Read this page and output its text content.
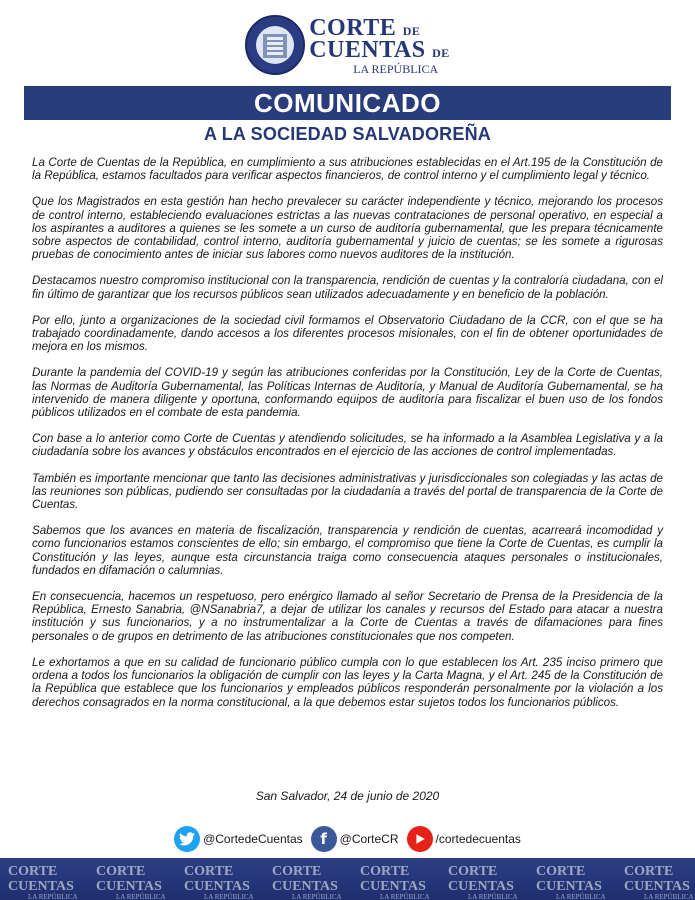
CORTE DE
CUENTAS DE
LA REPÚBLICA
COMUNICADO
A LA SOCIEDAD SALVADOREÑA

La Corte de Cuentas de la República, en cumplimiento a sus atribuciones establecidas en el Art.195 de la Constitución de la República, estamos facultados para verificar aspectos financieros, de control interno y el cumplimiento legal y técnico.

Que los Magistrados en esta gestión han hecho prevalecer su carácter independiente y técnico, mejorando los procesos de control interno, estableciendo evaluaciones estrictas a las nuevas contrataciones de personal operativo, en especial a los aspirantes a auditores a quienes se les somete a un curso de auditoría gubernamental, que les prepara técnicamente sobre aspectos de contabilidad, control interno, auditoría gubernamental y juicio de cuentas; se les somete a rigurosas pruebas de conocimiento antes de iniciar sus labores como nuevos auditores de la institución.

Destacamos nuestro compromiso institucional con la transparencia, rendición de cuentas y la contraloría ciudadana, con el fin último de garantizar que los recursos públicos sean utilizados adecuadamente y en beneficio de la población.

Por ello, junto a organizaciones de la sociedad civil formamos el Observatorio Ciudadano de la CCR, con el que se ha trabajado coordinadamente, dando accesos a los diferentes procesos misionales, con el fin de obtener oportunidades de mejora en los mismos.

Durante la pandemia del COVID-19 y según las atribuciones conferidas por la Constitución, Ley de la Corte de Cuentas, las Normas de Auditoría Gubernamental, las Políticas Internas de Auditoría, y Manual de Auditoría Gubernamental, se ha intervenido de manera diligente y oportuna, conformando equipos de auditoría para fiscalizar el buen uso de los fondos públicos utilizados en el combate de esta pandemia.

Con base a lo anterior como Corte de Cuentas y atendiendo solicitudes, se ha informado a la Asamblea Legislativa y a la ciudadanía sobre los avances y obstáculos encontrados en el ejercicio de las acciones de control implementadas.

También es importante mencionar que tanto las decisiones administrativas y jurisdiccionales son colegiadas y las actas de las reuniones son públicas, pudiendo ser consultadas por la ciudadanía a través del portal de transparencia de la Corte de Cuentas.

Sabemos que los avances en materia de fiscalización, transparencia y rendición de cuentas, acarreará incomodidad y como funcionarios estamos conscientes de ello; sin embargo, el compromiso que tiene la Corte de Cuentas, es cumplir la Constitución y las leyes, aunque esta circunstancia traiga como consecuencia ataques personales o institucionales, fundados en difamación o calumnias.

En consecuencia, hacemos un respetuoso, pero enérgico llamado al señor Secretario de Prensa de la Presidencia de la República, Ernesto Sanabria, @NSanabria7, a dejar de utilizar los canales y recursos del Estado para atacar a nuestra institución y sus funcionarios, y a no instrumentalizar a la Corte de Cuentas a través de difamaciones para fines personales o de grupos en detrimento de las atribuciones constitucionales que nos competen.

Le exhortamos a que en su calidad de funcionario público cumpla con lo que establecen los Art. 235 inciso primero que ordena a todos los funcionarios la obligación de cumplir con las leyes y la Carta Magna, y el Art. 245 de la Constitución de la República que establece que los funcionarios y empleados públicos responderán personalmente por la violación a los derechos consagrados en la norma constitucional, a la que debemos estar sujetos todos los funcionarios públicos.

San Salvador, 24 de junio de 2020
@CortedeCuentas	f	@CorteCR	/cortedecuentas
CORTE
CUENTAS
LA REPÚBLICA
CORTE
CUENTAS
LA REPÚBLICA
CORTE
CUENTAS
LA REPÚBLICA
CORTE
CUENTAS
LA REPÚBLICA
CORTE
CUENTAS
LA REPÚBLICA
CORTE
CUENTAS
LA REPÚBLICA
CORTE
CUENTAS
LA REPÚBLICA
CORTE
CUENTAS
LA REPÚBLICA
